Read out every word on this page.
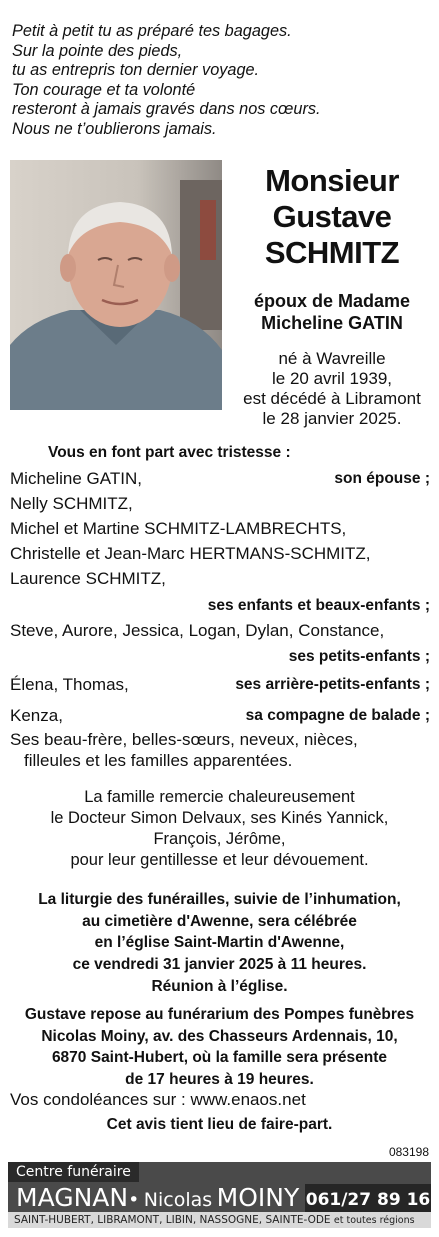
Petit à petit tu as préparé tes bagages.
Sur la pointe des pieds,
tu as entrepris ton dernier voyage.
Ton courage et ta volonté
resteront à jamais gravés dans nos cœurs.
Nous ne t’oublierons jamais.
Monsieur
Gustave
SCHMITZ
époux de Madame
Micheline GATIN
né à Wavreille
le 20 avril 1939,
est décédé à Libramont
le 28 janvier 2025.
Vous en font part avec tristesse :
Micheline GATIN,	son épouse ;
Nelly SCHMITZ,
Michel et Martine SCHMITZ-LAMBRECHTS,
Christelle et Jean-Marc HERTMANS-SCHMITZ,
Laurence SCHMITZ,
ses enfants et beaux-enfants ;
Steve, Aurore, Jessica, Logan, Dylan, Constance,
ses petits-enfants ;
Élena, Thomas,	ses arrière-petits-enfants ;
Kenza,	sa compagne de balade ;
Ses beau-frère, belles-sœurs, neveux, nièces,
filleules et les familles apparentées.
La famille remercie chaleureusement
le Docteur Simon Delvaux, ses Kinés Yannick,
François, Jérôme,
pour leur gentillesse et leur dévouement.
La liturgie des funérailles, suivie de l’inhumation,
au cimetière d'Awenne, sera célébrée
en l’église Saint-Martin d'Awenne,
ce vendredi 31 janvier 2025 à 11 heures.
Réunion à l’église.
Gustave repose au funérarium des Pompes funèbres
Nicolas Moiny, av. des Chasseurs Ardennais, 10,
6870 Saint-Hubert, où la famille sera présente
de 17 heures à 19 heures.
Vos condoléances sur : www.enaos.net
Cet avis tient lieu de faire-part.
083198
Centre funéraire
MAGNAN• Nicolas MOINY 061/27 89 16
SAINT-HUBERT, LIBRAMONT, LIBIN, NASSOGNE, SAINTE-ODE et toutes régions
